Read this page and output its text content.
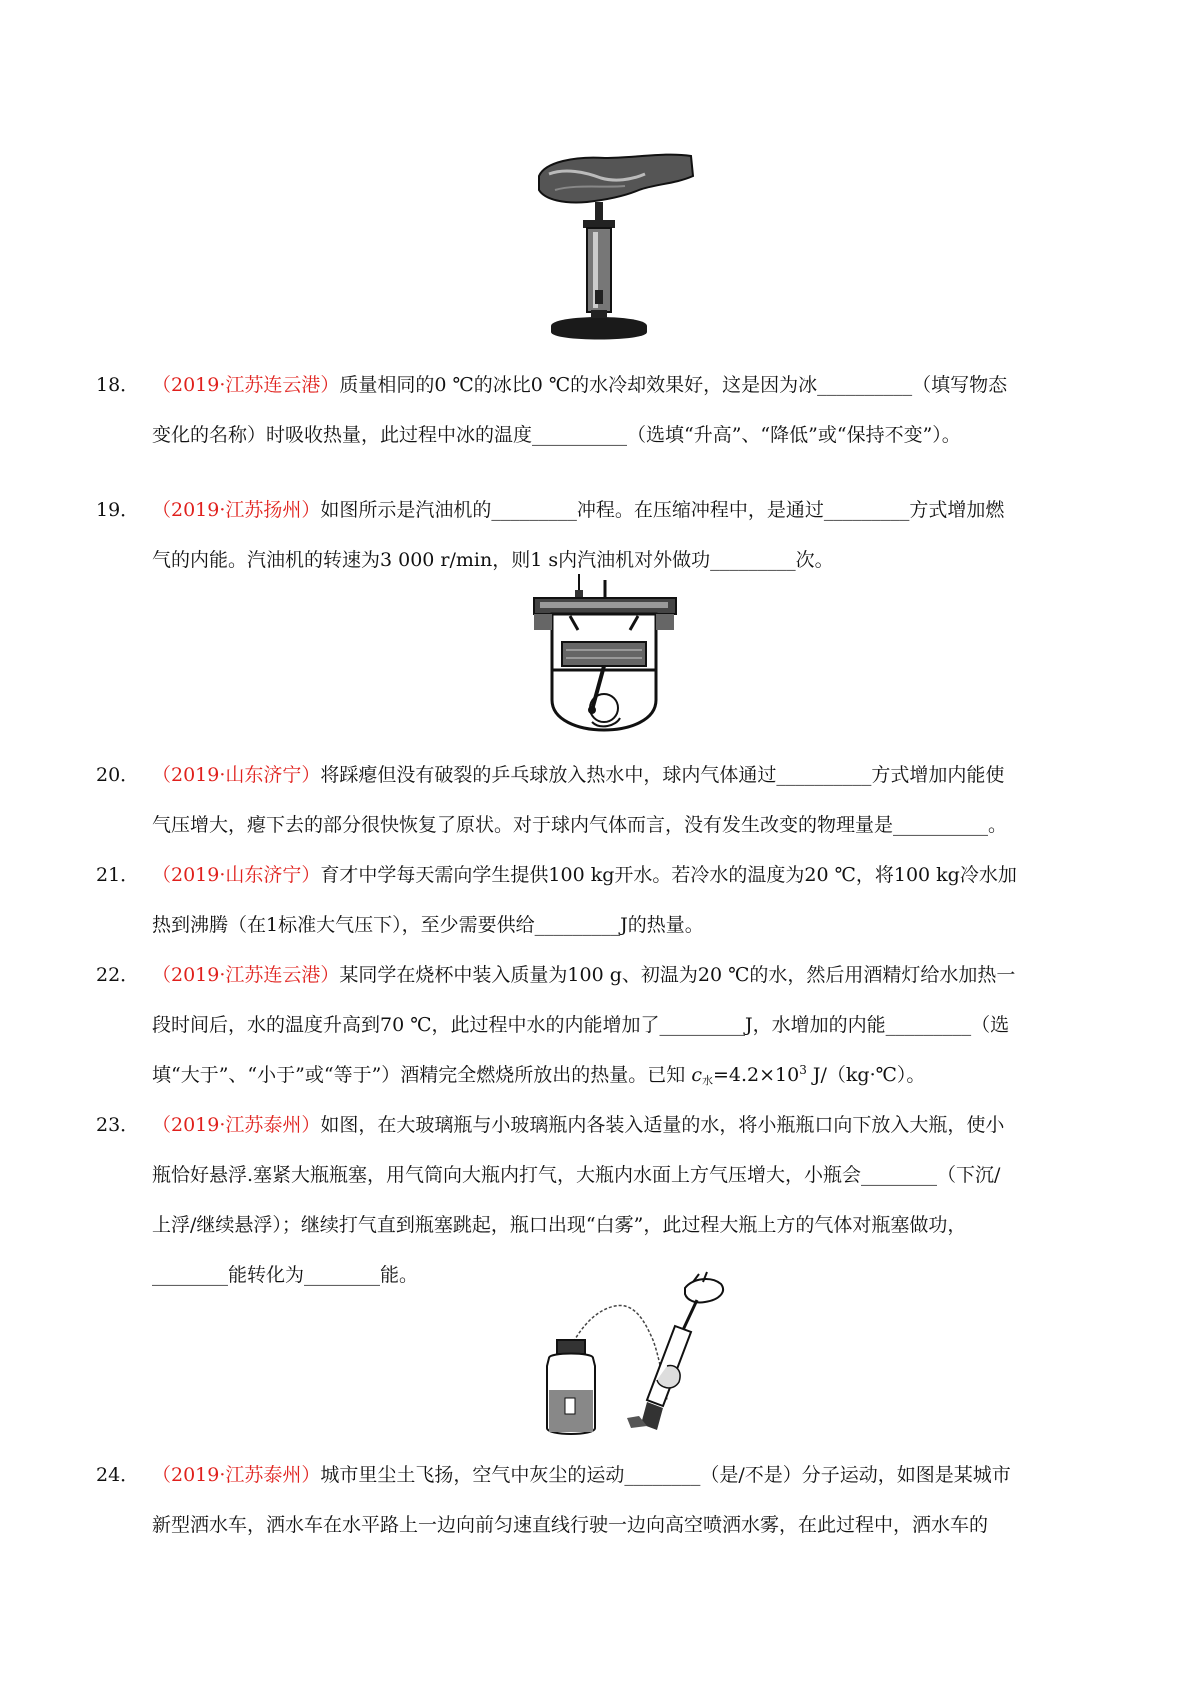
18． （2019·江苏连云港）质量相同的0 ℃的冰比0 ℃的水冷却效果好，这是因为冰__________（填写物态
变化的名称）时吸收热量，此过程中冰的温度__________（选填“升高”、“降低”或“保持不变”）。
19． （2019·江苏扬州）如图所示是汽油机的_________冲程。在压缩冲程中，是通过_________方式增加燃
气的内能。汽油机的转速为3 000 r/min，则1 s内汽油机对外做功_________次。
20． （2019·山东济宁）将踩瘪但没有破裂的乒乓球放入热水中，球内气体通过__________方式增加内能使
气压增大，瘪下去的部分很快恢复了原状。对于球内气体而言，没有发生改变的物理量是__________。
21． （2019·山东济宁）育才中学每天需向学生提供100 kg开水。若冷水的温度为20 ℃，将100 kg冷水加
热到沸腾（在1标准大气压下），至少需要供给_________J的热量。
22． （2019·江苏连云港）某同学在烧杯中装入质量为100 g、初温为20 ℃的水，然后用酒精灯给水加热一
段时间后，水的温度升高到70 ℃，此过程中水的内能增加了_________J，水增加的内能_________（选
填“大于”、“小于”或“等于”）酒精完全燃烧所放出的热量。已知 $c_水=4.2\times 10^3$ J/（kg·℃）。
23． （2019·江苏泰州）如图，在大玻璃瓶与小玻璃瓶内各装入适量的水，将小瓶瓶口向下放入大瓶，使小
瓶恰好悬浮.塞紧大瓶瓶塞，用气筒向大瓶内打气，大瓶内水面上方气压增大，小瓶会________（下沉/
上浮/继续悬浮）；继续打气直到瓶塞跳起，瓶口出现“白雾”，此过程大瓶上方的气体对瓶塞做功，
________能转化为________能。
24． （2019·江苏泰州）城市里尘土飞扬，空气中灰尘的运动________（是/不是）分子运动，如图是某城市
新型洒水车，洒水车在水平路上一边向前匀速直线行驶一边向高空喷洒水雾，在此过程中，洒水车的
